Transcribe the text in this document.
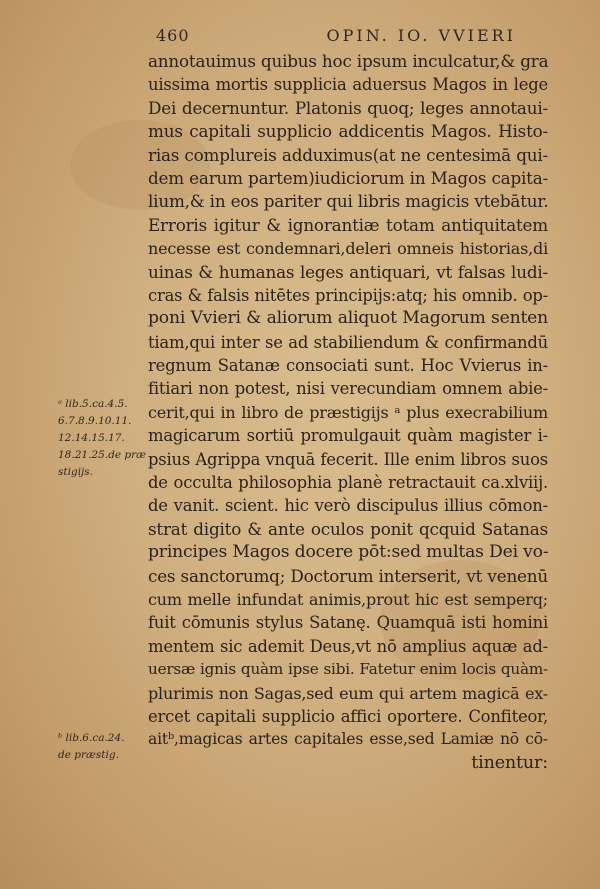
460	OPIN. IO. VVIERI
annotauimus quibus hoc ipsum inculcatur,& gra
uissima mortis supplicia aduersus Magos in lege
Dei decernuntur. Platonis quoq; leges annotaui-
mus capitali supplicio addicentis Magos. Histo-
rias complureis adduximus(at ne centesimā qui-
dem earum partem)iudiciorum in Magos capita-
lium,& in eos pariter qui libris magicis vtebātur.
Erroris igitur & ignorantiæ totam antiquitatem
necesse est condemnari,deleri omneis historias,di
uinas & humanas leges antiquari, vt falsas ludi-
cras & falsis nitētes principijs:atq; his omnib. op-
poni Vvieri & aliorum aliquot Magorum senten
tiam,qui inter se ad stabiliendum & confirmandū
regnum Satanæ consociati sunt. Hoc Vvierus in-
fitiari non potest, nisi verecundiam omnem abie-
cerit,qui in libro de præstigijs ᵃ plus execrabilium
magicarum sortiū promulgauit quàm magister i-
psius Agrippa vnquā fecerit. Ille enim libros suos
de occulta philosophia planè retractauit ca.xlviij.
de vanit. scient. hic verò discipulus illius cōmon-
strat digito & ante oculos ponit qcquid Satanas
principes Magos docere pōt:sed multas Dei vo-
ces sanctorumq; Doctorum interserit, vt venenū
cum melle infundat animis,prout hic est semperq;
fuit cōmunis stylus Satanę. Quamquā isti homini
mentem sic ademit Deus,vt nō amplius aquæ ad-
uersæ ignis quàm ipse sibi. Fatetur enim locis quàm-
plurimis non Sagas,sed eum qui artem magicā ex-
ercet capitali supplicio affici oportere. Confiteor,
aitᵇ,magicas artes capitales esse,sed Lamiæ nō cō-
tinentur:
ᵃ lib.5.ca.4.5.
6.7.8.9.10.11.
12.14.15.17.
18.21.25.de præ
stigijs.
ᵇ lib.6.ca.24.
de præstig.
